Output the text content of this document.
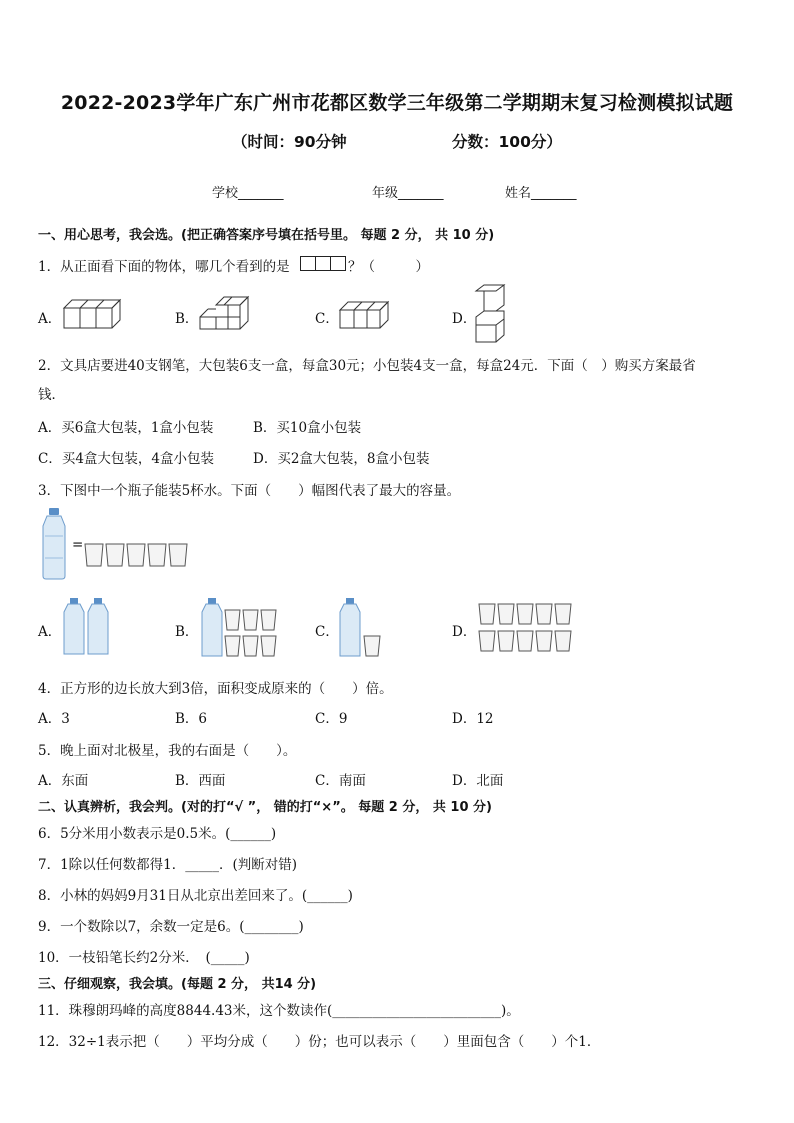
2022-2023学年广东广州市花都区数学三年级第二学期期末复习检测模拟试题
（时间：90分钟	分数：100分）
学校_______	年级_______	姓名_______
一、用心思考，我会选。(把正确答案序号填在括号里。 每题 2 分， 共 10 分)
1．从正面看下面的物体，哪几个看到的是	？（　　　）
A．	B．	C．	D．
2．文具店要进40支钢笔，大包装6支一盒，每盒30元；小包装4支一盒，每盒24元．下面（　）购买方案最省
钱．
A．买6盒大包装，1盒小包装	B．买10盒小包装
C．买4盒大包装，4盒小包装	D．买2盒大包装，8盒小包装
3．下图中一个瓶子能装5杯水。下面（　　）幅图代表了最大的容量。
=
A．	B．	C．	D．
4．正方形的边长放大到3倍，面积变成原来的（　　）倍。
A．3	B．6	C．9	D．12
5．晚上面对北极星，我的右面是（　　）。
A．东面	B．西面	C．南面	D．北面
二、认真辨析，我会判。(对的打“√ ”， 错的打“×”。 每题 2 分， 共 10 分)
6．5分米用小数表示是0.5米。(______)
7．1除以任何数都得1．_____．(判断对错)
8．小林的妈妈9月31日从北京出差回来了。(______)
9．一个数除以7，余数一定是6。(________)
10．一枝铅笔长约2分米．　(_____)
三、仔细观察，我会填。(每题 2 分， 共14 分)
11．珠穆朗玛峰的高度8844.43米，这个数读作(_________________________)。
12．32÷1表示把（　　）平均分成（　　）份；也可以表示（　　）里面包含（　　）个1．
